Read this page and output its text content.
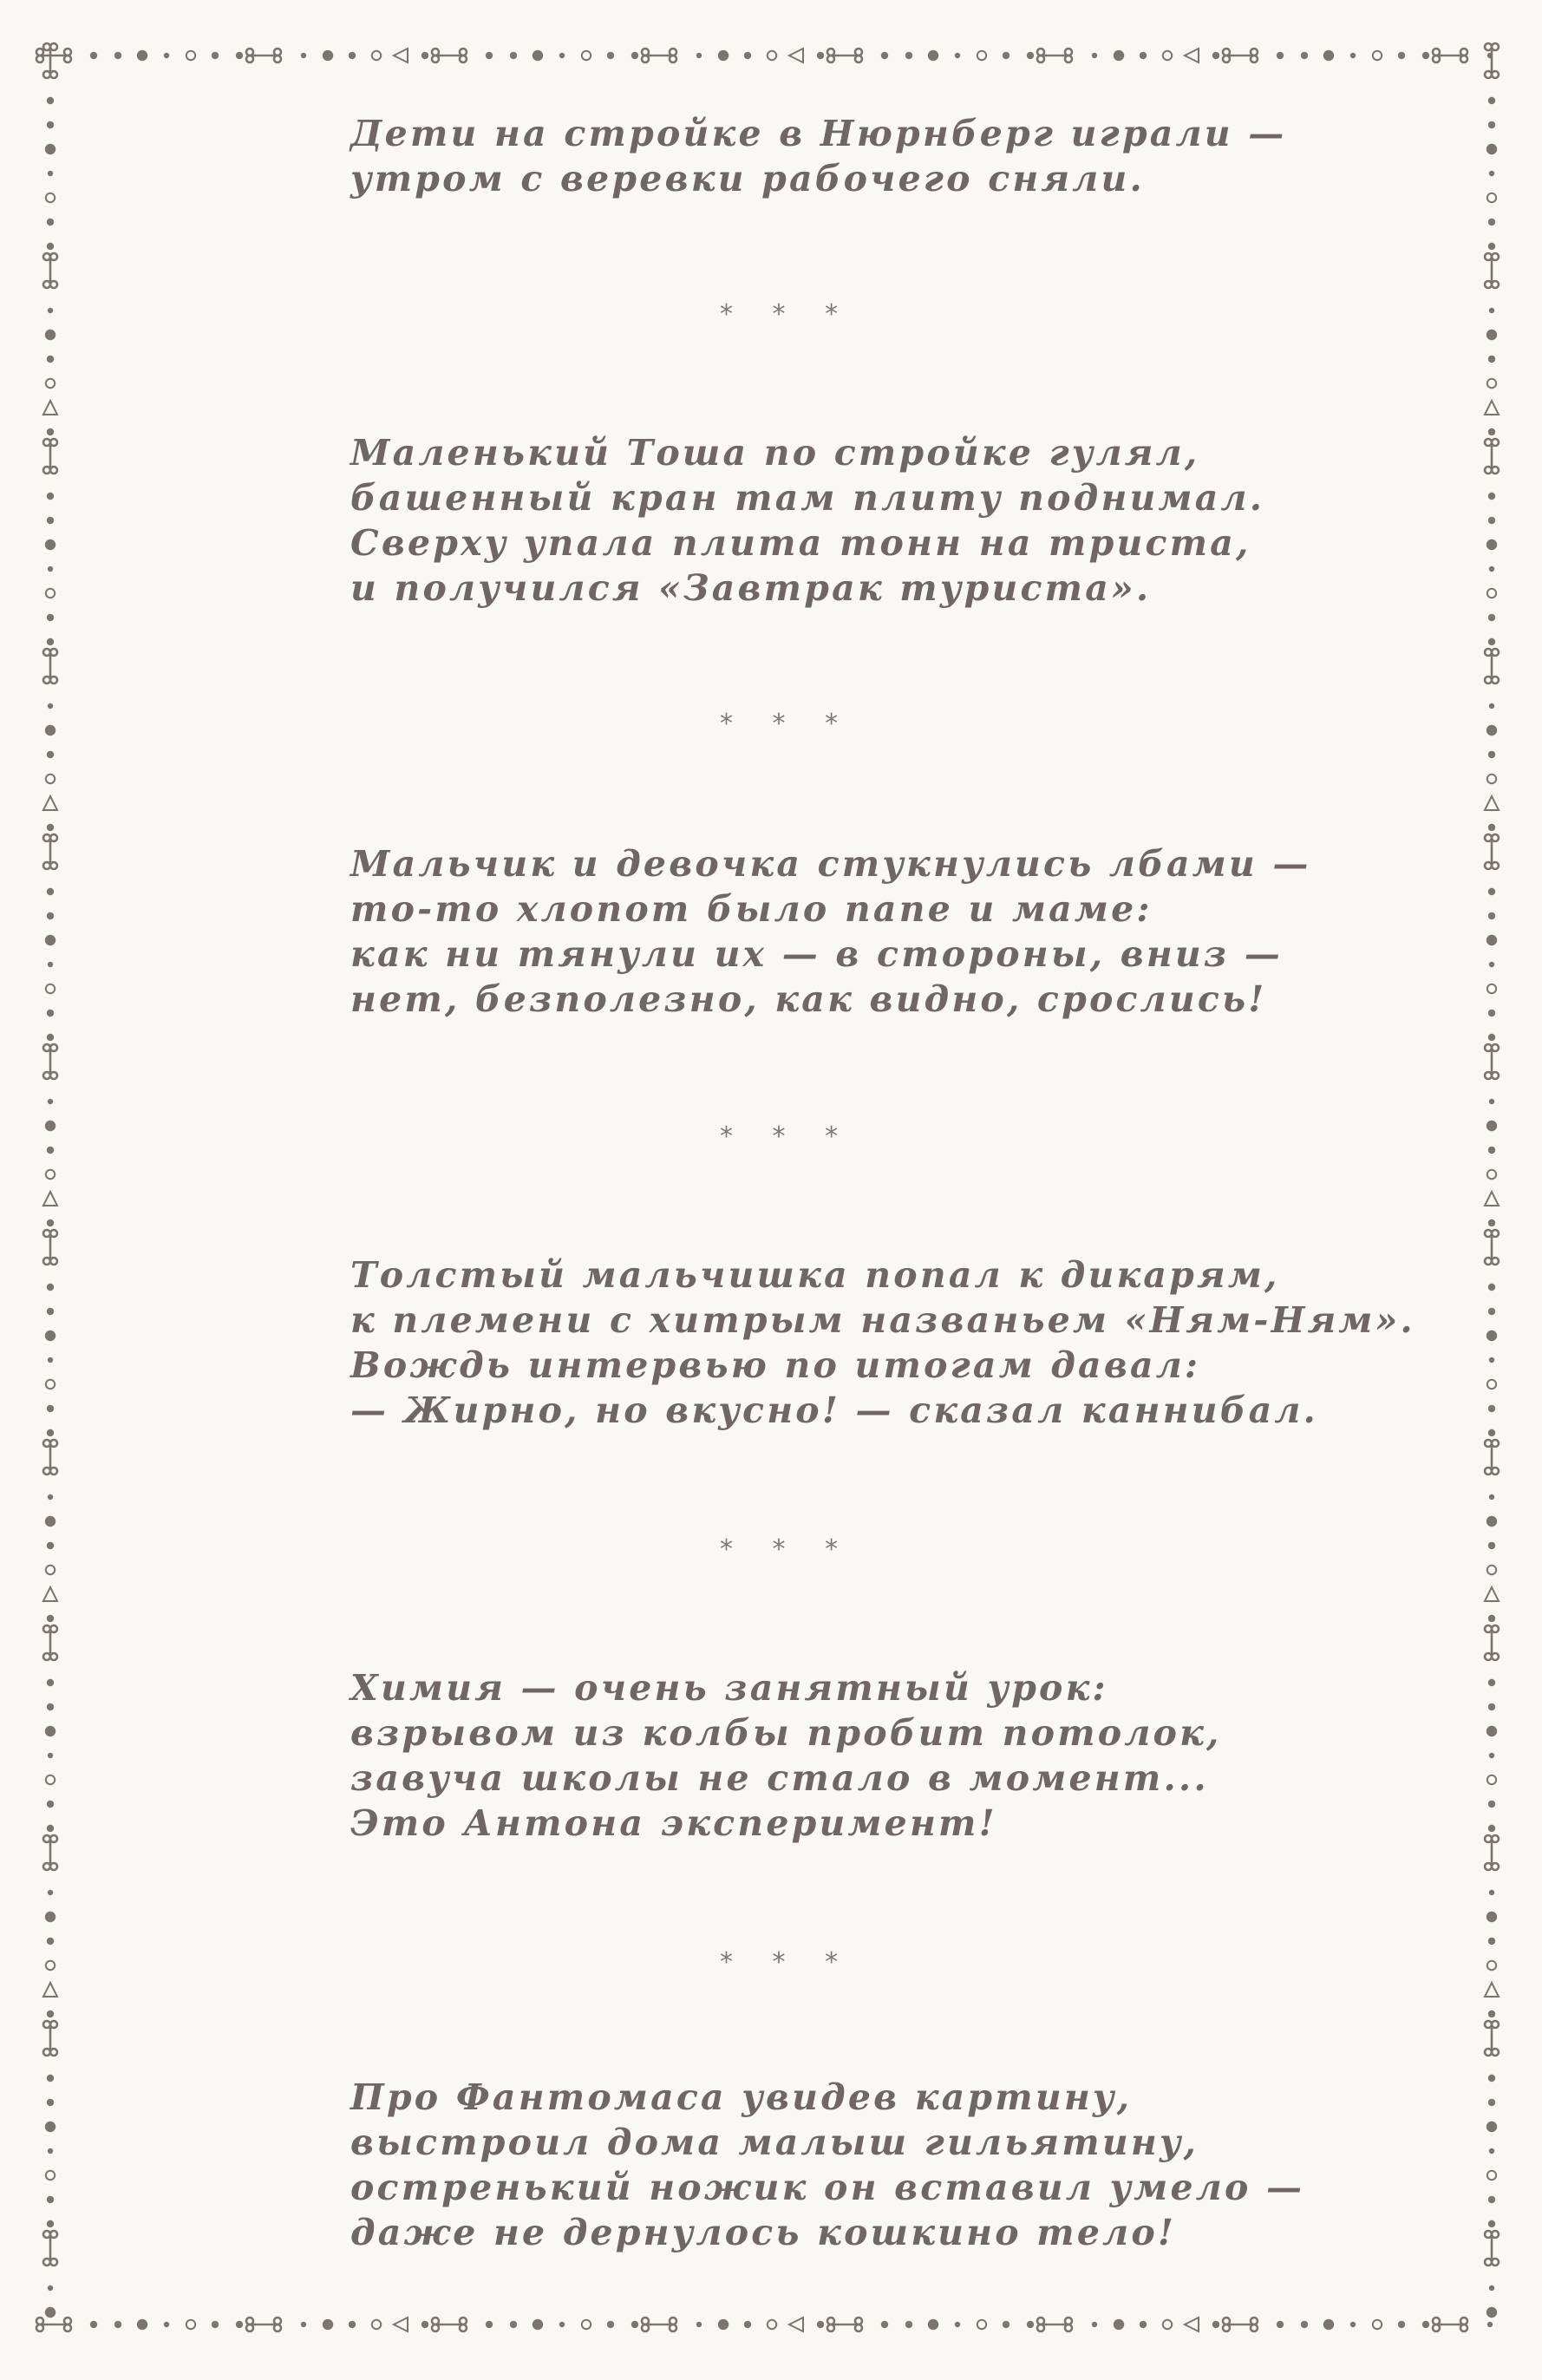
Дети на стройке в Нюрнберг играли —
утром с веревки рабочего сняли.
* * *
Маленький Тоша по стройке гулял,
башенный кран там плиту поднимал.
Сверху упала плита тонн на триста,
и получился «Завтрак туриста».
* * *
Мальчик и девочка стукнулись лбами —
то-то хлопот было папе и маме:
как ни тянули их — в стороны, вниз —
нет, безполезно, как видно, срослись!
* * *
Толстый мальчишка попал к дикарям,
к племени с хитрым названьем «Ням-Ням».
Вождь интервью по итогам давал:
— Жирно, но вкусно! — сказал каннибал.
* * *
Химия — очень занятный урок:
взрывом из колбы пробит потолок,
завуча школы не стало в момент...
Это Антона эксперимент!
* * *
Про Фантомаса увидев картину,
выстроил дома малыш гильятину,
остренький ножик он вставил умело —
даже не дернулось кошкино тело!
